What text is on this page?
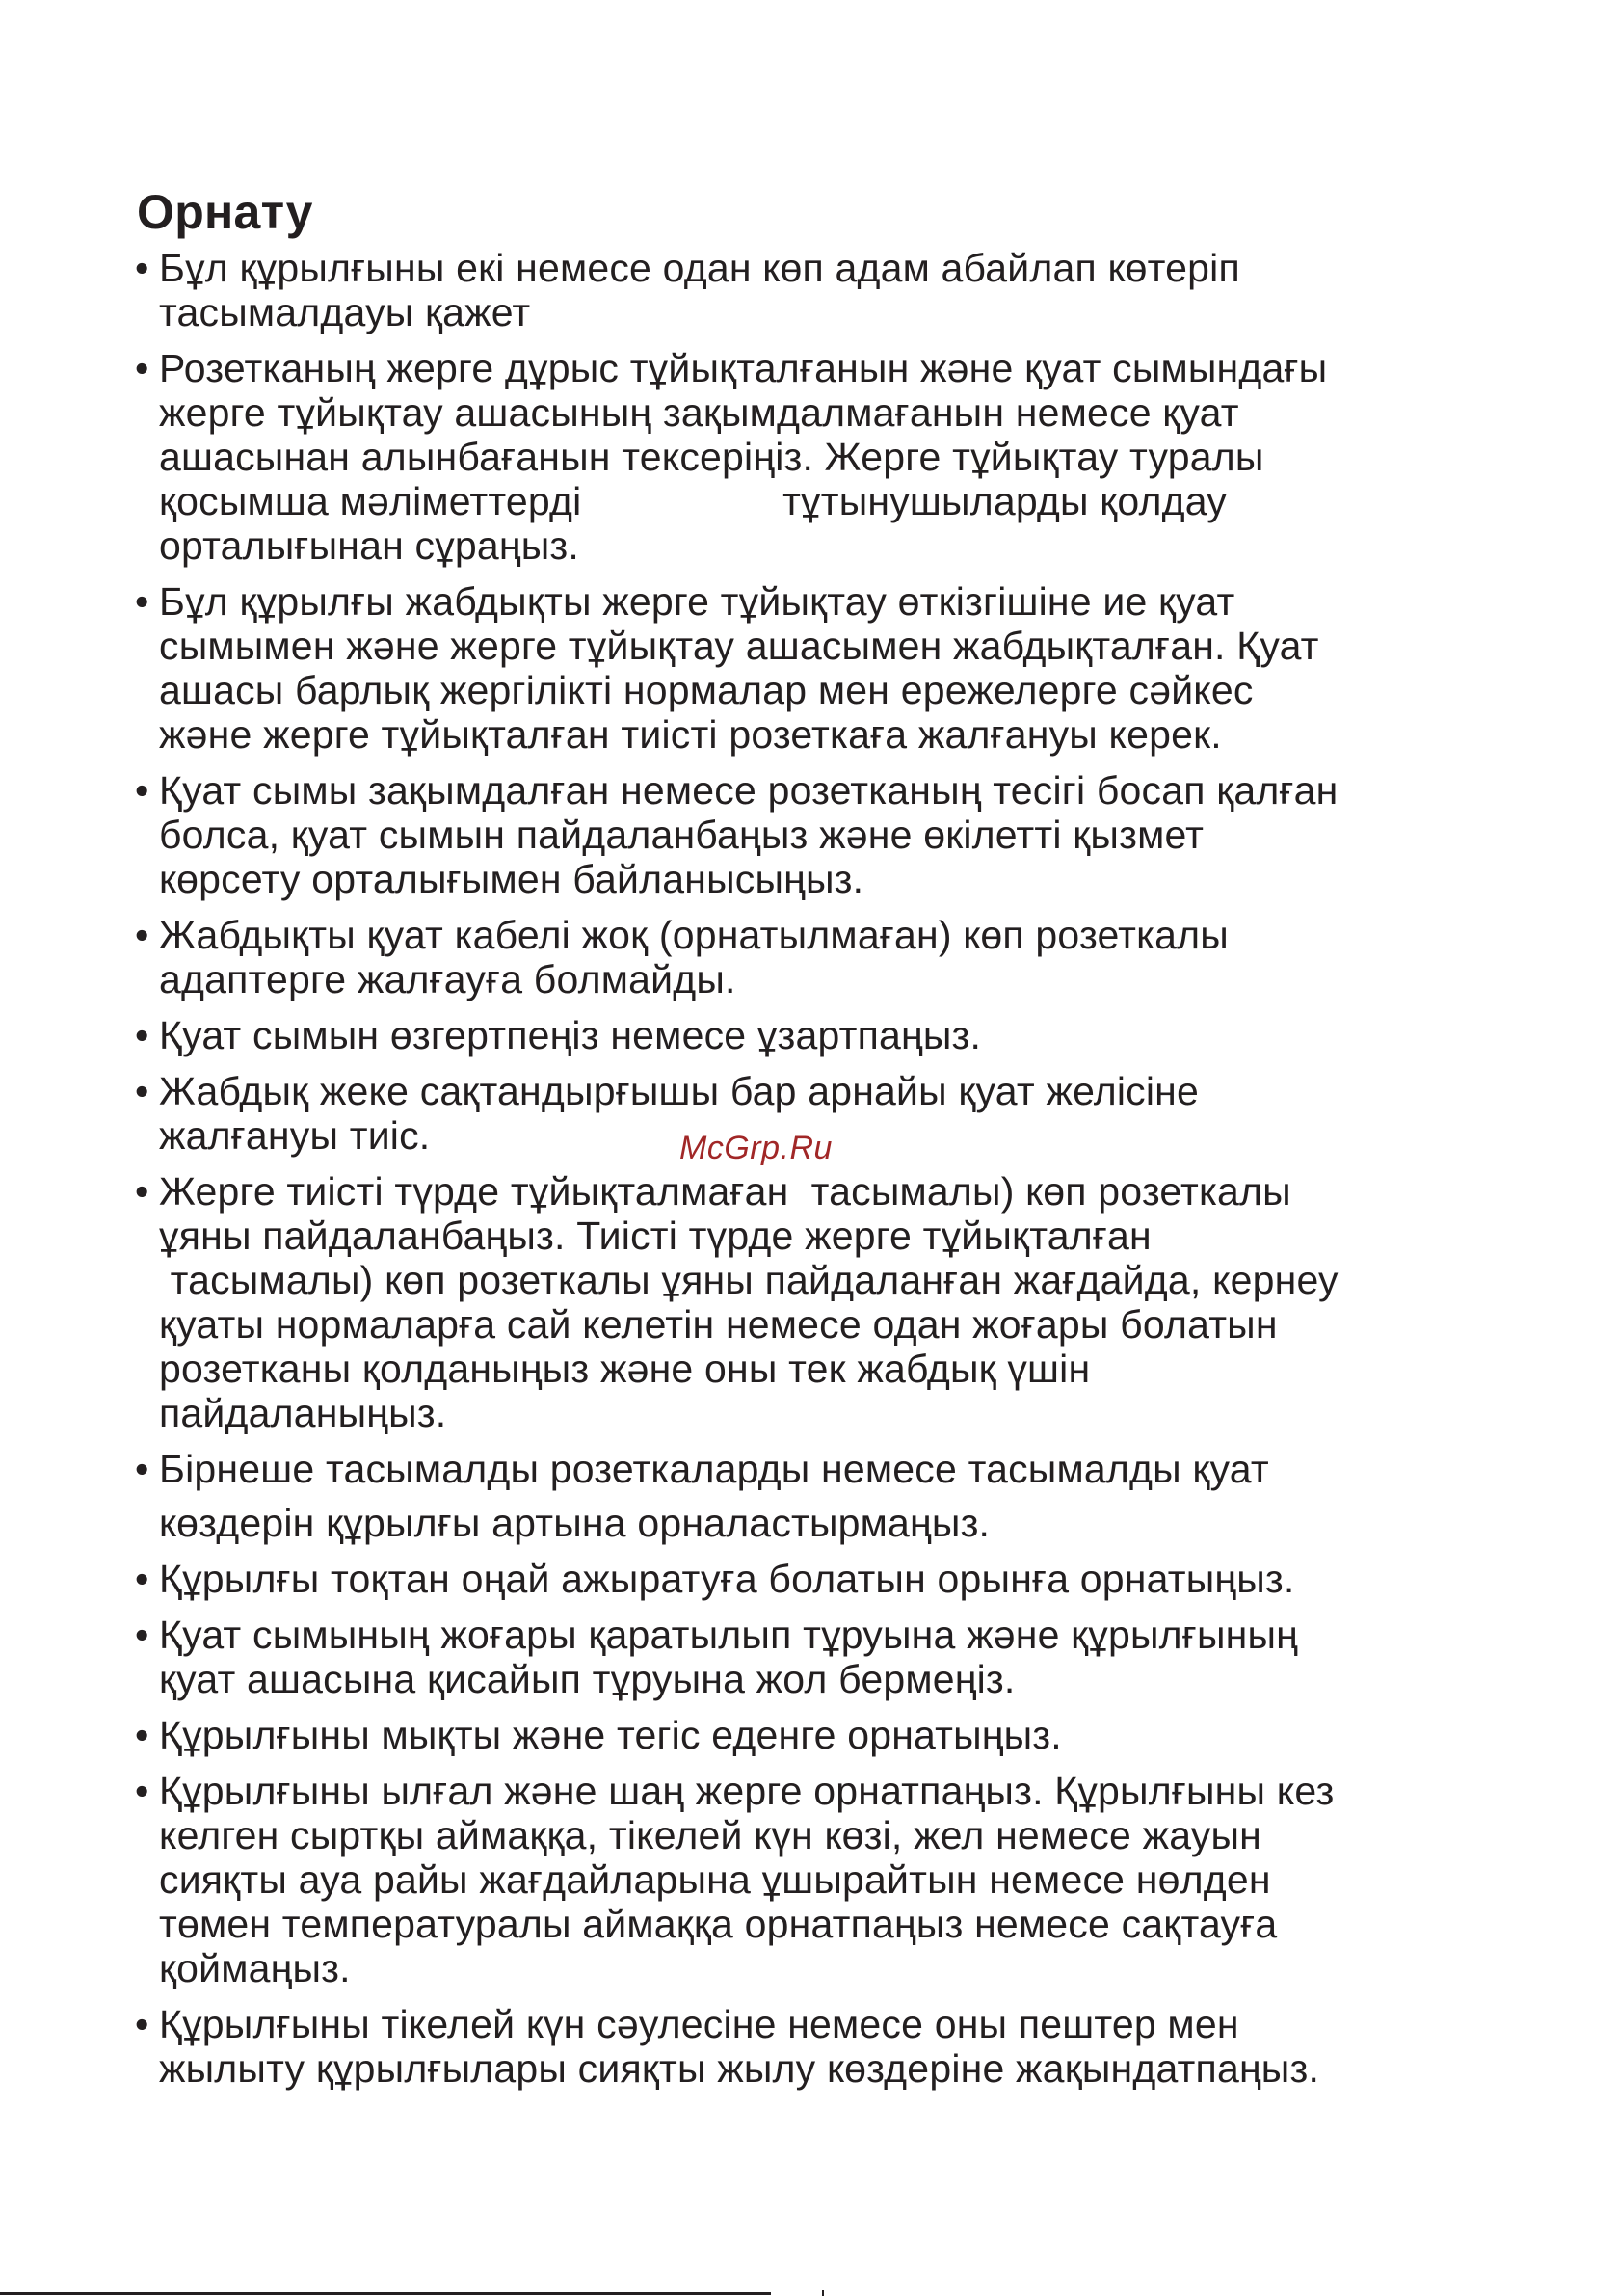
Орнату
• Бұл құрылғыны екі немесе одан көп адам абайлап көтеріп
тасымалдауы қажет
• Розетканың жерге дұрыс тұйықталғанын және қуат сымындағы
жерге тұйықтау ашасының зақымдалмағанын немесе қуат
ашасынан алынбағанын тексеріңіз. Жерге тұйықтау туралы
қосымша мәліметтерді                  тұтынушыларды қолдау
орталығынан сұраңыз.
• Бұл құрылғы жабдықты жерге тұйықтау өткізгішіне ие қуат
сымымен және жерге тұйықтау ашасымен жабдықталған. Қуат
ашасы барлық жергілікті нормалар мен ережелерге сәйкес
және жерге тұйықталған тиісті розеткаға жалғануы керек.
• Қуат сымы зақымдалған немесе розетканың тесігі босап қалған
болса, қуат сымын пайдаланбаңыз және өкілетті қызмет
көрсету орталығымен байланысыңыз.
• Жабдықты қуат кабелі жоқ (орнатылмаған) көп розеткалы
адаптерге жалғауға болмайды.
• Қуат сымын өзгертпеңіз немесе ұзартпаңыз.
• Жабдық жеке сақтандырғышы бар арнайы қуат желісіне
жалғануы тиіс.
• Жерге тиісті түрде тұйықталмаған  тасымалы) көп розеткалы
ұяны пайдаланбаңыз. Тиісті түрде жерге тұйықталған
тасымалы) көп розеткалы ұяны пайдаланған жағдайда, кернеу
қуаты нормаларға сай келетін немесе одан жоғары болатын
розетканы қолданыңыз және оны тек жабдық үшін
пайдаланыңыз.
• Бірнеше тасымалды розеткаларды немесе тасымалды қуат
көздерін құрылғы артына орналастырмаңыз.
• Құрылғы тоқтан оңай ажыратуға болатын орынға орнатыңыз.
• Қуат сымының жоғары қаратылып тұруына және құрылғының
қуат ашасына қисайып тұруына жол бермеңіз.
• Құрылғыны мықты және тегіс еденге орнатыңыз.
• Құрылғыны ылғал және шаң жерге орнатпаңыз. Құрылғыны кез
келген сыртқы аймаққа, тікелей күн көзі, жел немесе жауын
сияқты ауа райы жағдайларына ұшырайтын немесе нөлден
төмен температуралы аймаққа орнатпаңыз немесе сақтауға
қоймаңыз.
• Құрылғыны тікелей күн сәулесіне немесе оны пештер мен
жылыту құрылғылары сияқты жылу көздеріне жақындатпаңыз.
McGrp.Ru
